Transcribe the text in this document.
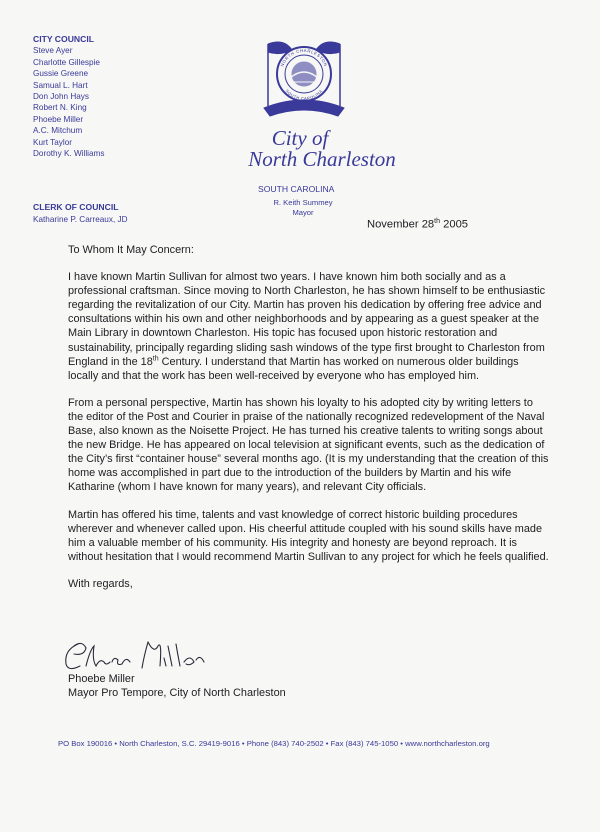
CITY COUNCIL
Steve Ayer
Charlotte Gillespie
Gussie Greene
Samual L. Hart
Don John Hays
Robert N. King
Phoebe Miller
A.C. Mitchum
Kurt Taylor
Dorothy K. Williams
CLERK OF COUNCIL
Katharine P. Carreaux, JD
NORTH CHARLESTON
SOUTH CAROLINA
City of
North Charleston
SOUTH CAROLINA
R. Keith Summey
Mayor
November 28th 2005

To Whom It May Concern:

I have known Martin Sullivan for almost two years. I have known him both socially and as a professional craftsman. Since moving to North Charleston, he has shown himself to be enthusiastic regarding the revitalization of our City. Martin has proven his dedication by offering free advice and consultations within his own and other neighborhoods and by appearing as a guest speaker at the Main Library in downtown Charleston. His topic has focused upon historic restoration and sustainability, principally regarding sliding sash windows of the type first brought to Charleston from England in the 18th Century. I understand that Martin has worked on numerous older buildings locally and that the work has been well-received by everyone who has employed him.

From a personal perspective, Martin has shown his loyalty to his adopted city by writing letters to the editor of the Post and Courier in praise of the nationally recognized redevelopment of the Naval Base, also known as the Noisette Project. He has turned his creative talents to writing songs about the new Bridge. He has appeared on local television at significant events, such as the dedication of the City’s first “container house” several months ago. (It is my understanding that the creation of this home was accomplished in part due to the introduction of the builders by Martin and his wife Katharine (whom I have known for many years), and relevant City officials.

Martin has offered his time, talents and vast knowledge of correct historic building procedures wherever and whenever called upon. His cheerful attitude coupled with his sound skills have made him a valuable member of his community. His integrity and honesty are beyond reproach. It is without hesitation that I would recommend Martin Sullivan to any project for which he feels qualified.

With regards,

Phoebe Miller
Mayor Pro Tempore, City of North Charleston
PO Box 190016 • North Charleston, S.C. 29419-9016 • Phone (843) 740-2502 • Fax (843) 745-1050 • www.northcharleston.org
